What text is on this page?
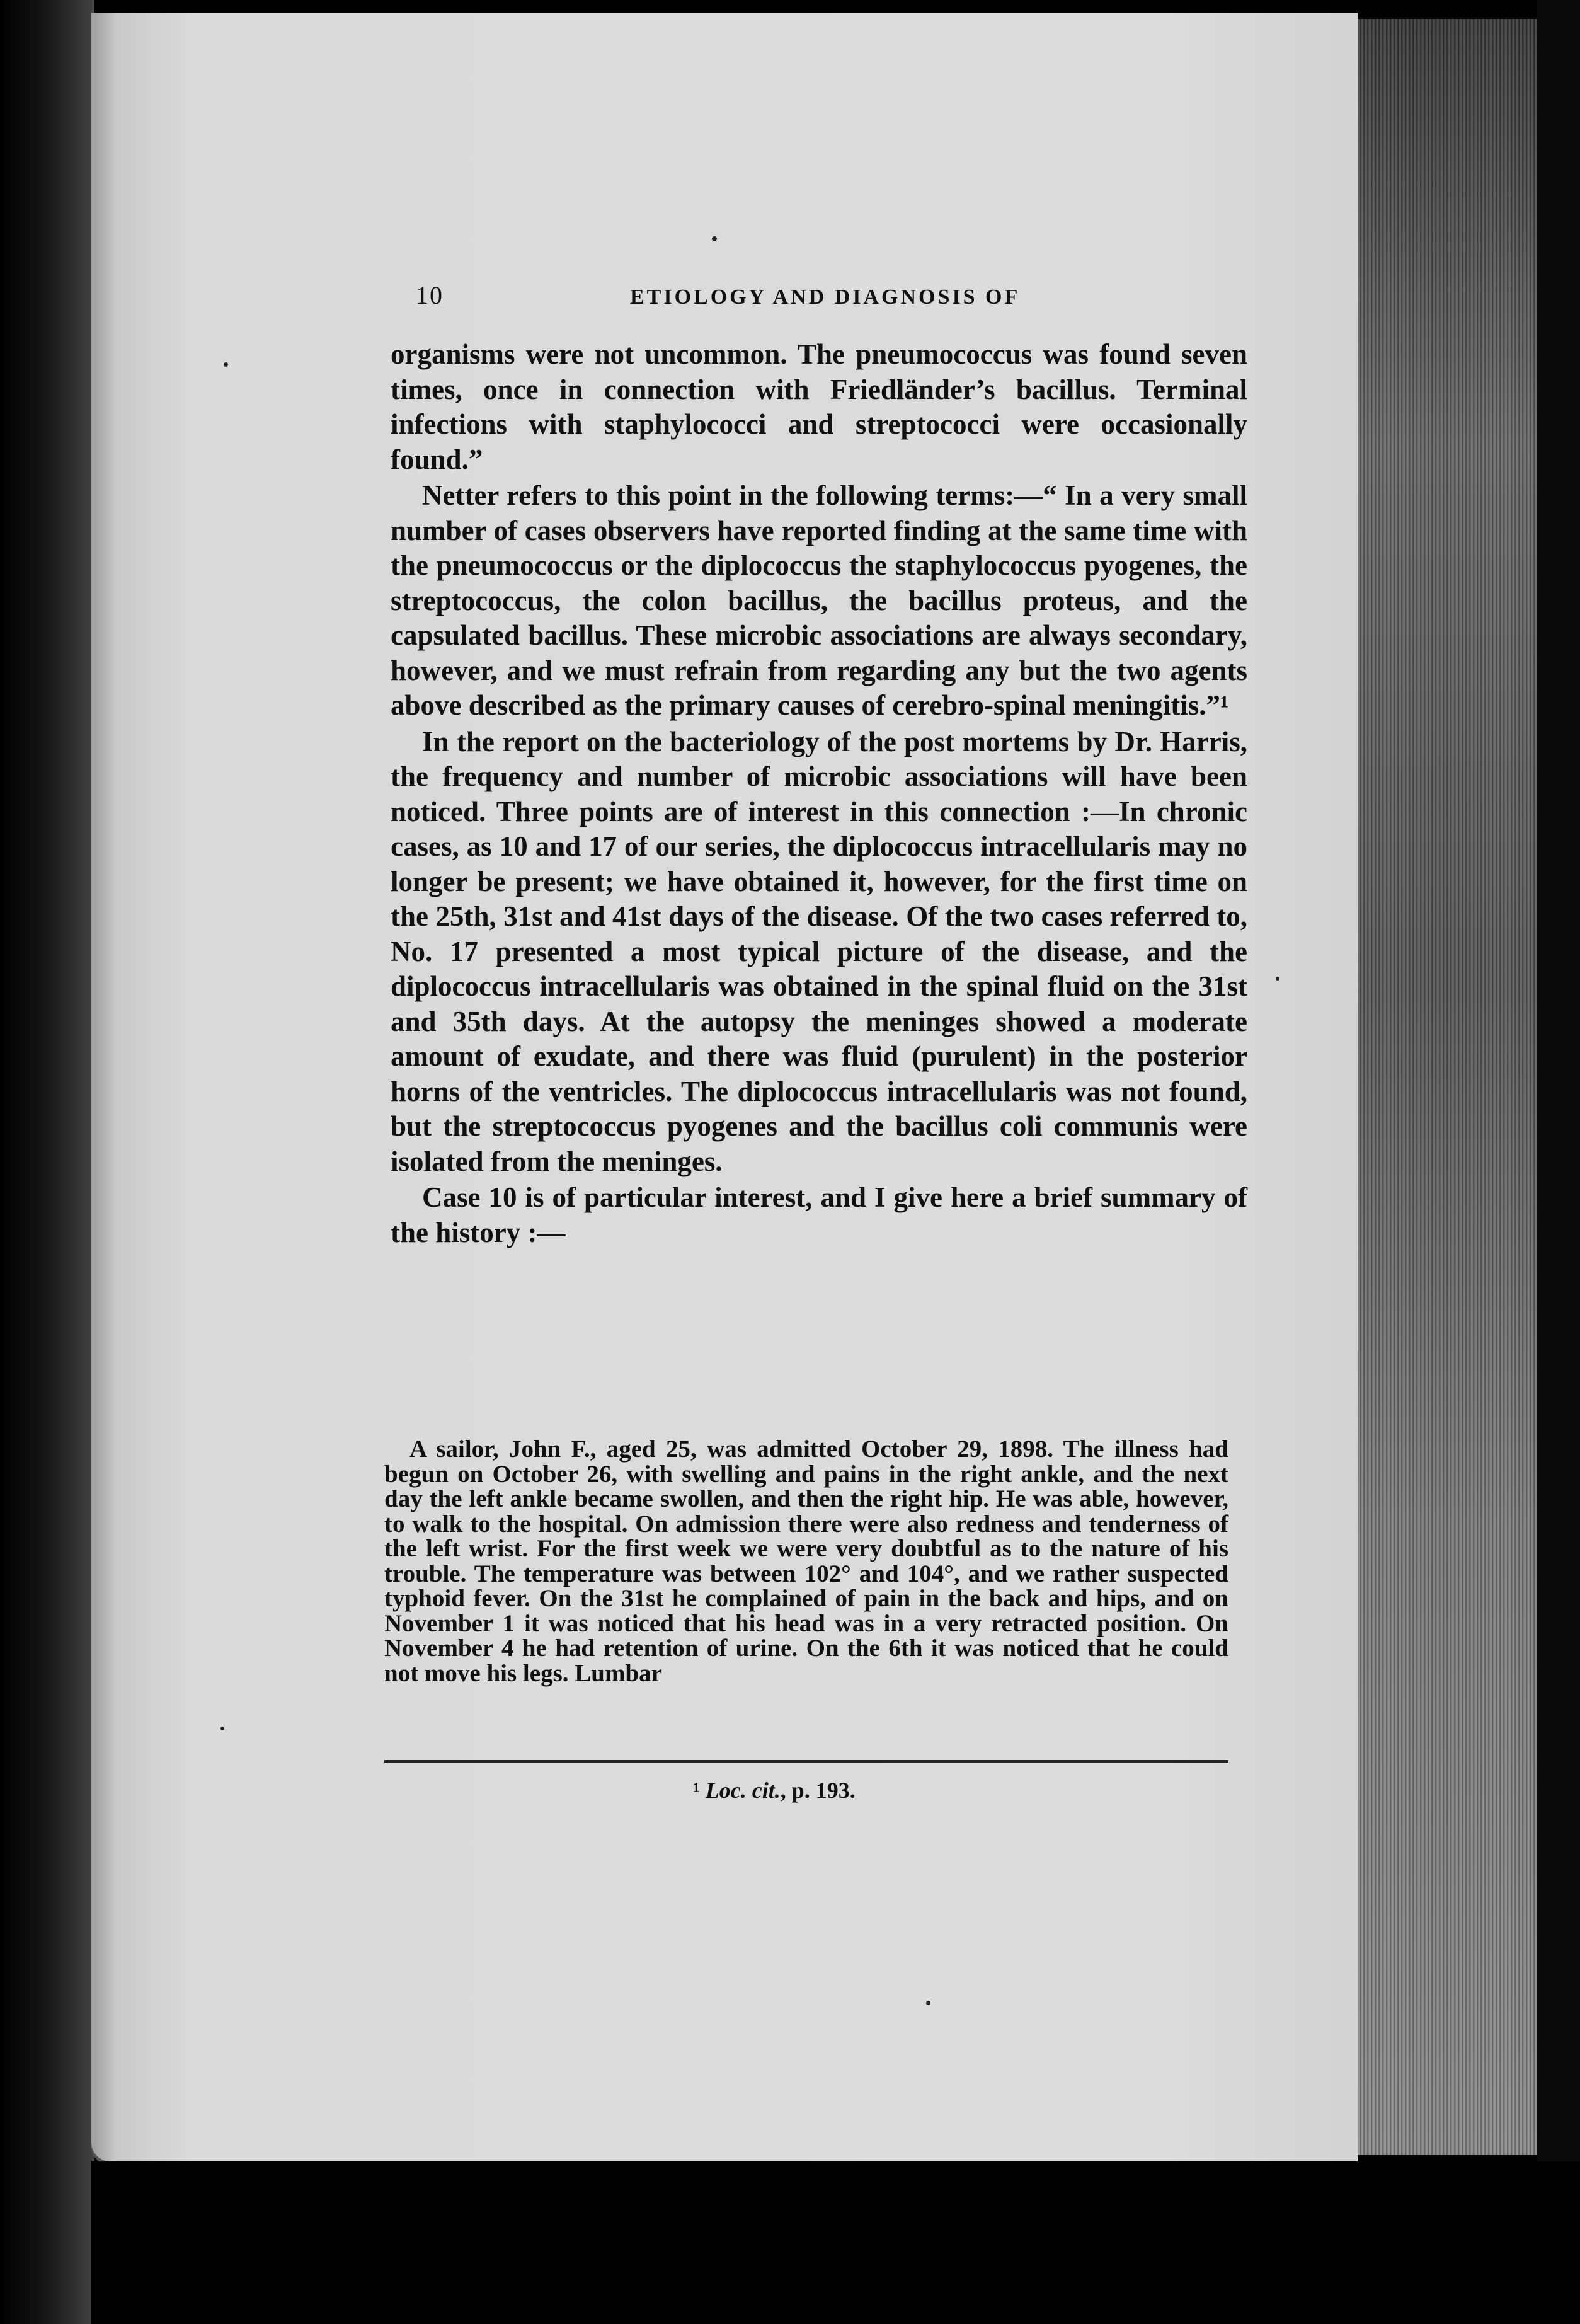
10	ETIOLOGY AND DIAGNOSIS OF

organisms were not uncommon. The pneumococcus was found seven times, once in connection with Friedländer’s bacillus. Terminal infections with staphylococci and streptococci were occasionally found.”

Netter refers to this point in the following terms:—“ In a very small number of cases observers have reported finding at the same time with the pneumococcus or the diplococcus the staphylococcus pyogenes, the streptococcus, the colon bacillus, the bacillus proteus, and the capsulated bacillus. These microbic associations are always secondary, however, and we must refrain from regarding any but the two agents above described as the primary causes of cerebro-spinal meningitis.”¹

In the report on the bacteriology of the post mortems by Dr. Harris, the frequency and number of microbic associations will have been noticed. Three points are of interest in this connection :—In chronic cases, as 10 and 17 of our series, the diplococcus intracellularis may no longer be present; we have obtained it, however, for the first time on the 25th, 31st and 41st days of the disease. Of the two cases referred to, No. 17 presented a most typical picture of the disease, and the diplococcus intracellularis was obtained in the spinal fluid on the 31st and 35th days. At the autopsy the meninges showed a moderate amount of exudate, and there was fluid (purulent) in the posterior horns of the ventricles. The diplococcus intracellularis was not found, but the streptococcus pyogenes and the bacillus coli communis were isolated from the meninges.

Case 10 is of particular interest, and I give here a brief summary of the history :—

A sailor, John F., aged 25, was admitted October 29, 1898. The illness had begun on October 26, with swelling and pains in the right ankle, and the next day the left ankle became swollen, and then the right hip. He was able, however, to walk to the hospital. On admission there were also redness and tenderness of the left wrist. For the first week we were very doubtful as to the nature of his trouble. The temperature was between 102° and 104°, and we rather suspected typhoid fever. On the 31st he complained of pain in the back and hips, and on November 1 it was noticed that his head was in a very retracted position. On November 4 he had retention of urine. On the 6th it was noticed that he could not move his legs. Lumbar

¹ Loc. cit., p. 193.
